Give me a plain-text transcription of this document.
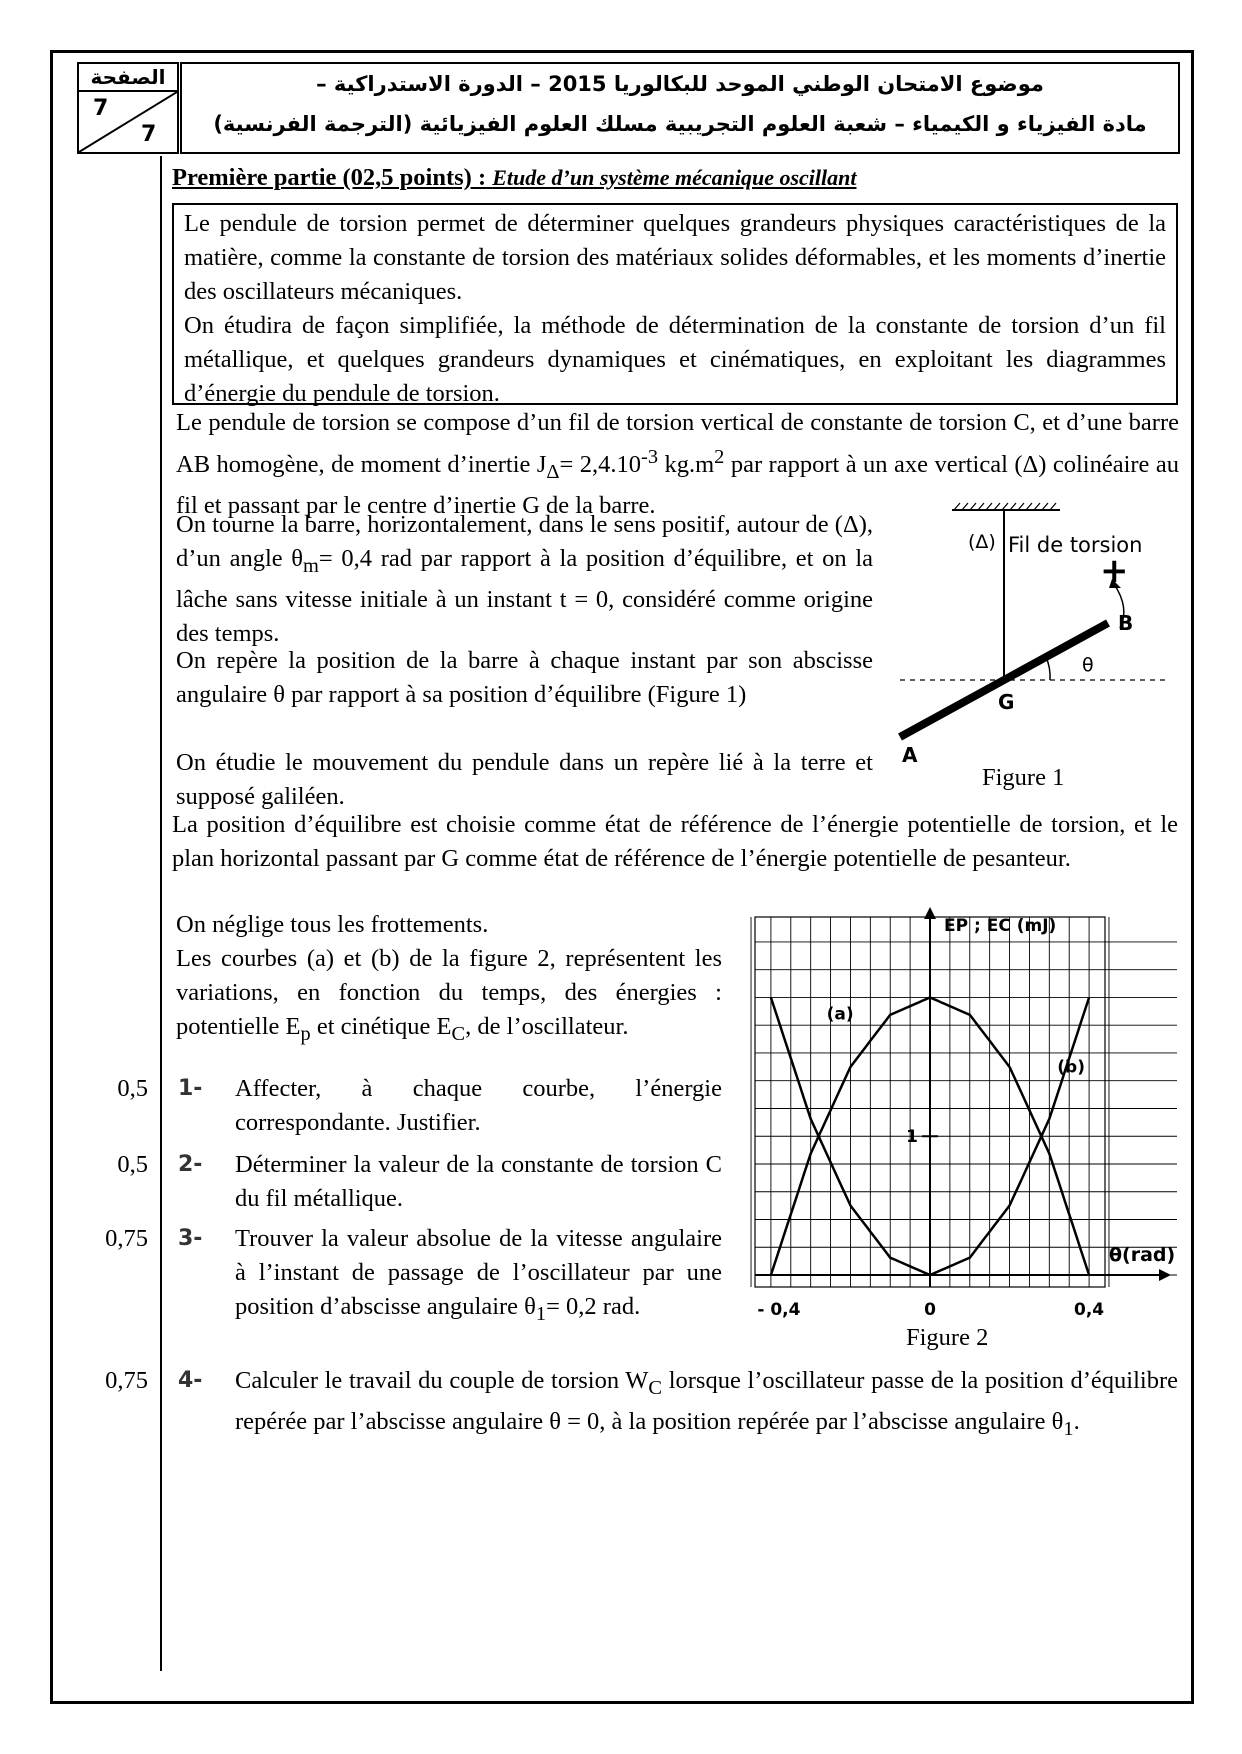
الصفحة
7
7
موضوع الامتحان الوطني الموحد للبكالوريا 2015 – الدورة الاستدراكية –
مادة الفيزياء و الكيمياء – شعبة العلوم التجريبية مسلك العلوم الفيزيائية (الترجمة الفرنسية)
Première partie (02,5 points) : Etude d’un système mécanique oscillant
Le pendule de torsion permet de déterminer quelques grandeurs physiques caractéristiques de la matière, comme la constante de torsion des matériaux solides déformables, et les moments d’inertie des oscillateurs mécaniques.
On étudira de façon simplifiée, la méthode de détermination de la constante de torsion d’un fil métallique, et quelques grandeurs dynamiques et cinématiques, en exploitant les diagrammes d’énergie du pendule de torsion.
Le pendule de torsion se compose d’un fil de torsion vertical de constante de torsion C, et d’une barre AB homogène, de moment d’inertie $J_\Delta= 2,4.10^{-3}$ $kg.m^2$ par rapport à un axe vertical (Δ) colinéaire au fil et passant par le centre d’inertie G de la barre.
On tourne la barre, horizontalement, dans le sens positif, autour de (Δ), d’un angle $\theta_m= 0,4$ rad par rapport à la position d’équilibre, et on la lâche sans vitesse initiale à un instant t = 0, considéré comme origine des temps.
On repère la position de la barre à chaque instant par son abscisse angulaire θ par rapport à sa position d’équilibre (Figure 1)
On étudie le mouvement du pendule dans un repère lié à la terre et supposé galiléen.
(Δ) Fil de torsion
+
B
G
A
θ
Figure 1
La position d’équilibre est choisie comme état de référence de l’énergie potentielle de torsion, et le plan horizontal passant par G comme état de référence de l’énergie potentielle de pesanteur.
On néglige tous les frottements.
Les courbes (a) et (b) de la figure 2, représentent les variations, en fonction du temps, des énergies : potentielle $E_p$ et cinétique $E_C$, de l’oscillateur.
EP ; EC (mJ)
θ(rad)
- 0,4	0	0,4
1
(a)
(b)
Figure 2
0,5 1- Affecter, à chaque courbe, l’énergie correspondante. Justifier.
0,5 2- Déterminer la valeur de la constante de torsion C du fil métallique.
0,75 3- Trouver la valeur absolue de la vitesse angulaire à l’instant de passage de l’oscillateur par une position d’abscisse angulaire $\theta_1= 0,2$ rad.
0,75 4- Calculer le travail du couple de torsion $W_C$ lorsque l’oscillateur passe de la position d’équilibre repérée par l’abscisse angulaire θ = 0, à la position repérée par l’abscisse angulaire $\theta_1$.
